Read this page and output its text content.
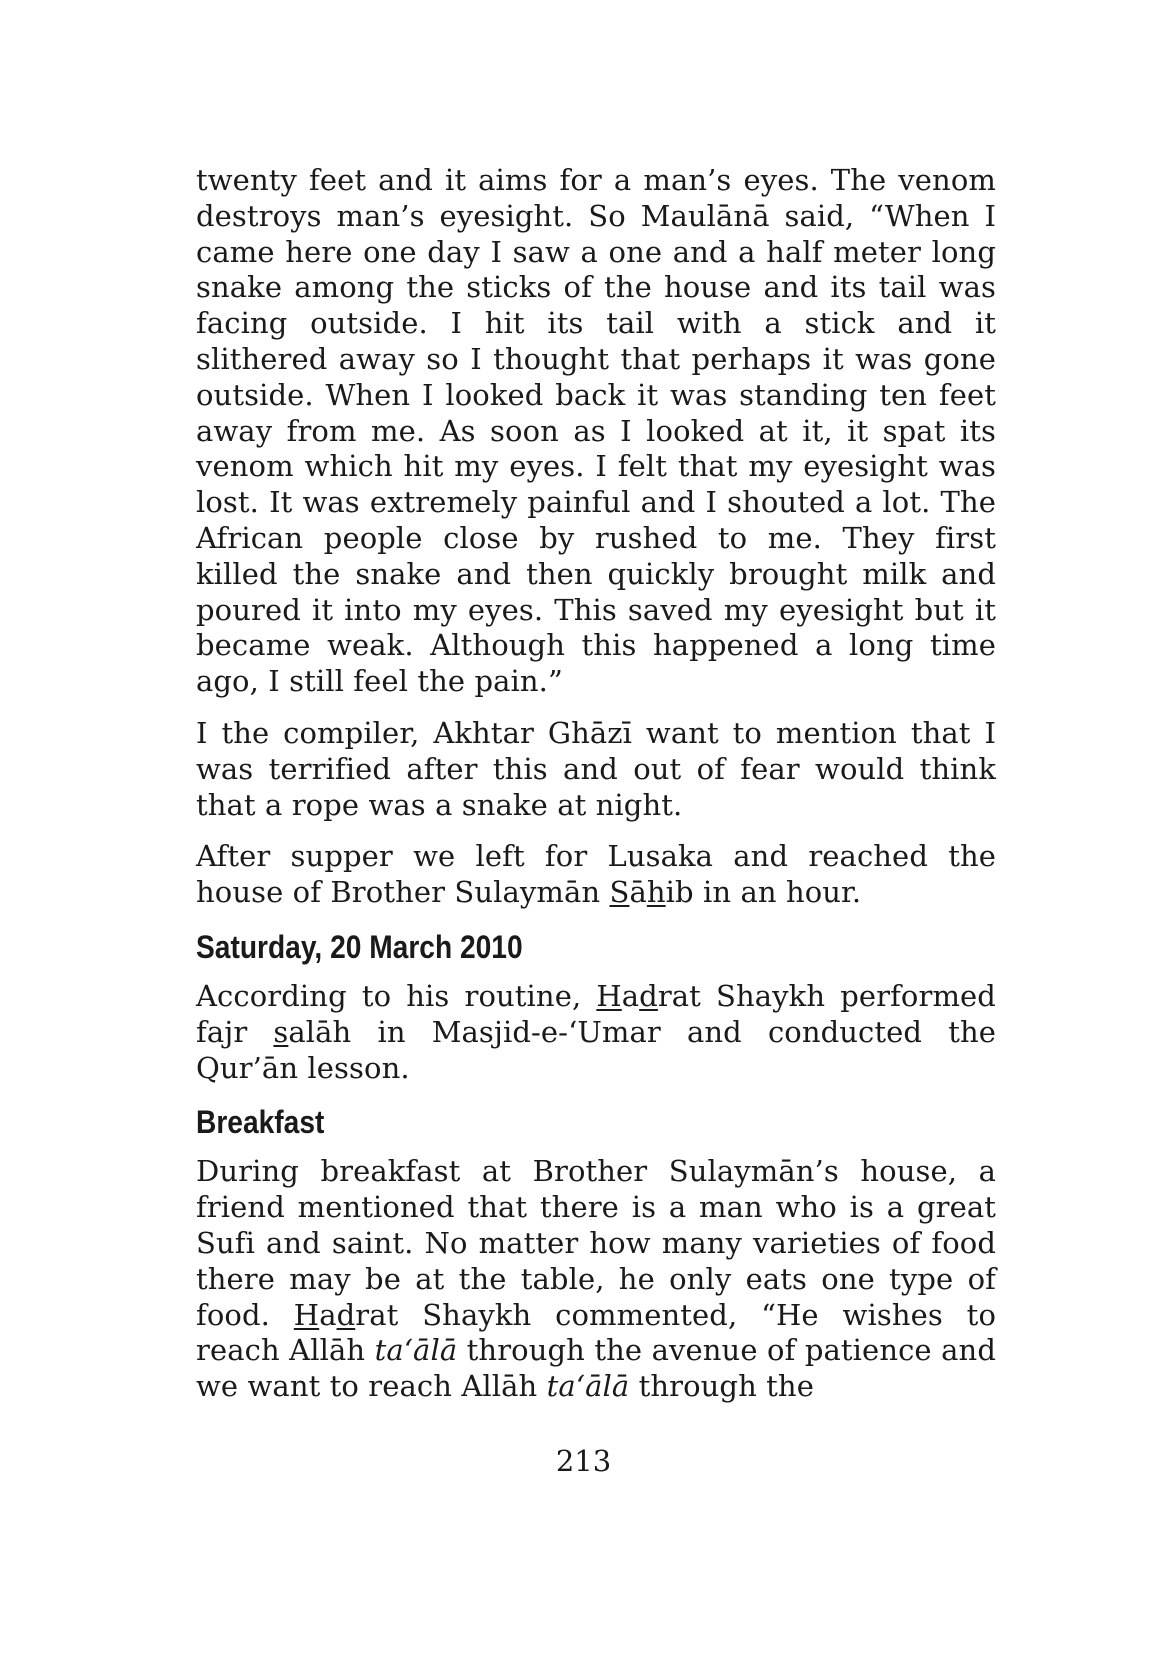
twenty feet and it aims for a man’s eyes. The venom destroys man’s eyesight. So Maulānā said, “When I came here one day I saw a one and a half meter long snake among the sticks of the house and its tail was facing outside. I hit its tail with a stick and it slithered away so I thought that perhaps it was gone outside. When I looked back it was standing ten feet away from me. As soon as I looked at it, it spat its venom which hit my eyes. I felt that my eyesight was lost. It was extremely painful and I shouted a lot. The African people close by rushed to me. They first killed the snake and then quickly brought milk and poured it into my eyes. This saved my eyesight but it became weak. Although this happened a long time ago, I still feel the pain.”

I the compiler, Akhtar Ghāzī want to mention that I was terrified after this and out of fear would think that a rope was a snake at night.

After supper we left for Lusaka and reached the house of Brother Sulaymān Sāhib in an hour.

Saturday, 20 March 2010

According to his routine, Hadrat Shaykh performed fajr salāh in Masjid-e-‘Umar and conducted the Qur’ān lesson.

Breakfast

During breakfast at Brother Sulaymān’s house, a friend mentioned that there is a man who is a great Sufi and saint. No matter how many varieties of food there may be at the table, he only eats one type of food. Hadrat Shaykh commented, “He wishes to reach Allāh ta‘ālā through the avenue of patience and we want to reach Allāh ta‘ālā through the

213
